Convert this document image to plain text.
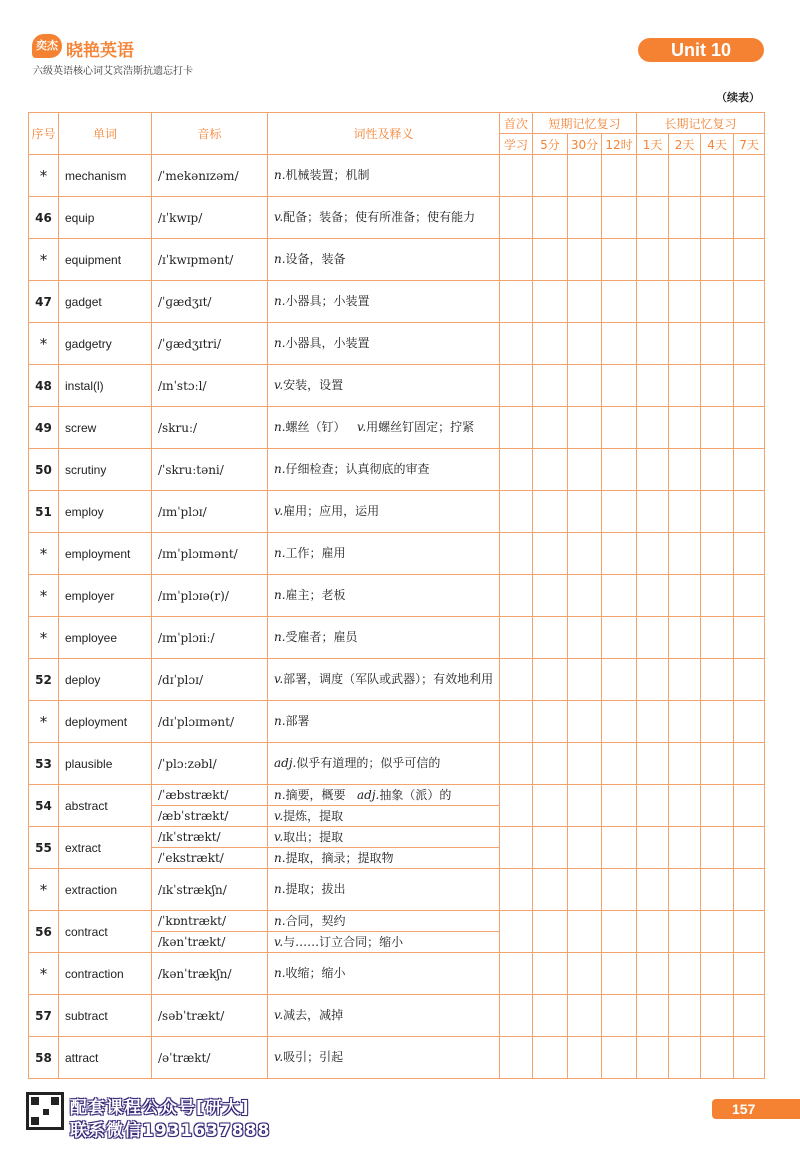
奕杰 晓艳英语
六级英语核心词艾宾浩斯抗遗忘打卡
Unit 10
（续表）
序号	单词	音标	词性及释义	首次	短期记忆复习			长期记忆复习			
				学习	5分	30分	12时	1天	2天	4天	7天
*	mechanism	/ˈmekənɪzəm/	n.机械装置；机制								
46	equip	/ɪˈkwɪp/	v.配备；装备；使有所准备；使有能力								
*	equipment	/ɪˈkwɪpmənt/	n.设备，装备								
47	gadget	/ˈɡædʒɪt/	n.小器具；小装置								
*	gadgetry	/ˈɡædʒɪtri/	n.小器具，小装置								
48	instal(l)	/ɪnˈstɔːl/	v.安装，设置								
49	screw	/skruː/	n.螺丝（钉）   v.用螺丝钉固定；拧紧								
50	scrutiny	/ˈskruːtəni/	n.仔细检查；认真彻底的审查								
51	employ	/ɪmˈplɔɪ/	v.雇用；应用，运用								
*	employment	/ɪmˈplɔɪmənt/	n.工作；雇用								
*	employer	/ɪmˈplɔɪə(r)/	n.雇主；老板								
*	employee	/ɪmˈplɔɪiː/	n.受雇者；雇员								
52	deploy	/dɪˈplɔɪ/	v.部署，调度（军队或武器）；有效地利用								
*	deployment	/dɪˈplɔɪmənt/	n.部署								
53	plausible	/ˈplɔːzəbl/	adj.似乎有道理的；似乎可信的								
54	abstract	/ˈæbstrækt/	n.摘要，概要   adj.抽象（派）的								
		/æbˈstrækt/	v.提炼，提取								
55	extract	/ɪkˈstrækt/	v.取出；提取								
		/ˈekstrækt/	n.提取，摘录；提取物								
*	extraction	/ɪkˈstrækʃn/	n.提取；拔出								
56	contract	/ˈkɒntrækt/	n.合同，契约								
		/kənˈtrækt/	v.与……订立合同；缩小								
*	contraction	/kənˈtrækʃn/	n.收缩；缩小								
57	subtract	/səbˈtrækt/	v.减去，减掉								
58	attract	/əˈtrækt/	v.吸引；引起								
配套课程公众号[研大]
联系微信1931637888
157
